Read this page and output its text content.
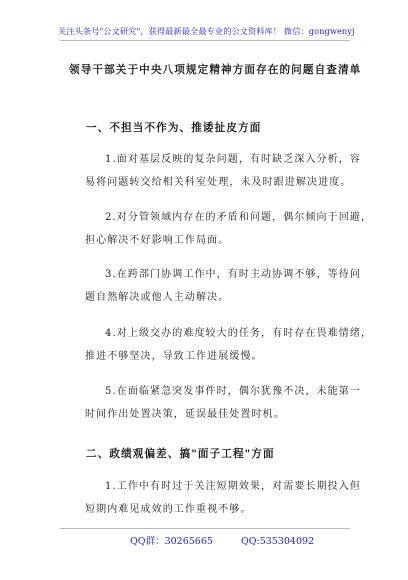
关注头条号"公文研究"，获得最新最全最专业的公文资料库！ 微信：gongwenyj
领导干部关于中央八项规定精神方面存在的问题自查清单
一、不担当不作为、推诿扯皮方面

1.面对基层反映的复杂问题，有时缺乏深入分析，容
易将问题转交给相关科室处理，未及时跟进解决进度。

2.对分管领域内存在的矛盾和问题，偶尔倾向于回避，
担心解决不好影响工作局面。

3.在跨部门协调工作中，有时主动协调不够，等待问
题自然解决或他人主动解决。

4.对上级交办的难度较大的任务，有时存在畏难情绪，
推进不够坚决，导致工作进展缓慢。

5.在面临紧急突发事件时，偶尔犹豫不决，未能第一
时间作出处置决策，延误最佳处置时机。

二、政绩观偏差、搞"面子工程"方面

1.工作中有时过于关注短期效果，对需要长期投入但
短期内难见成效的工作重视不够。

QQ群：30265665	QQ:535304092
